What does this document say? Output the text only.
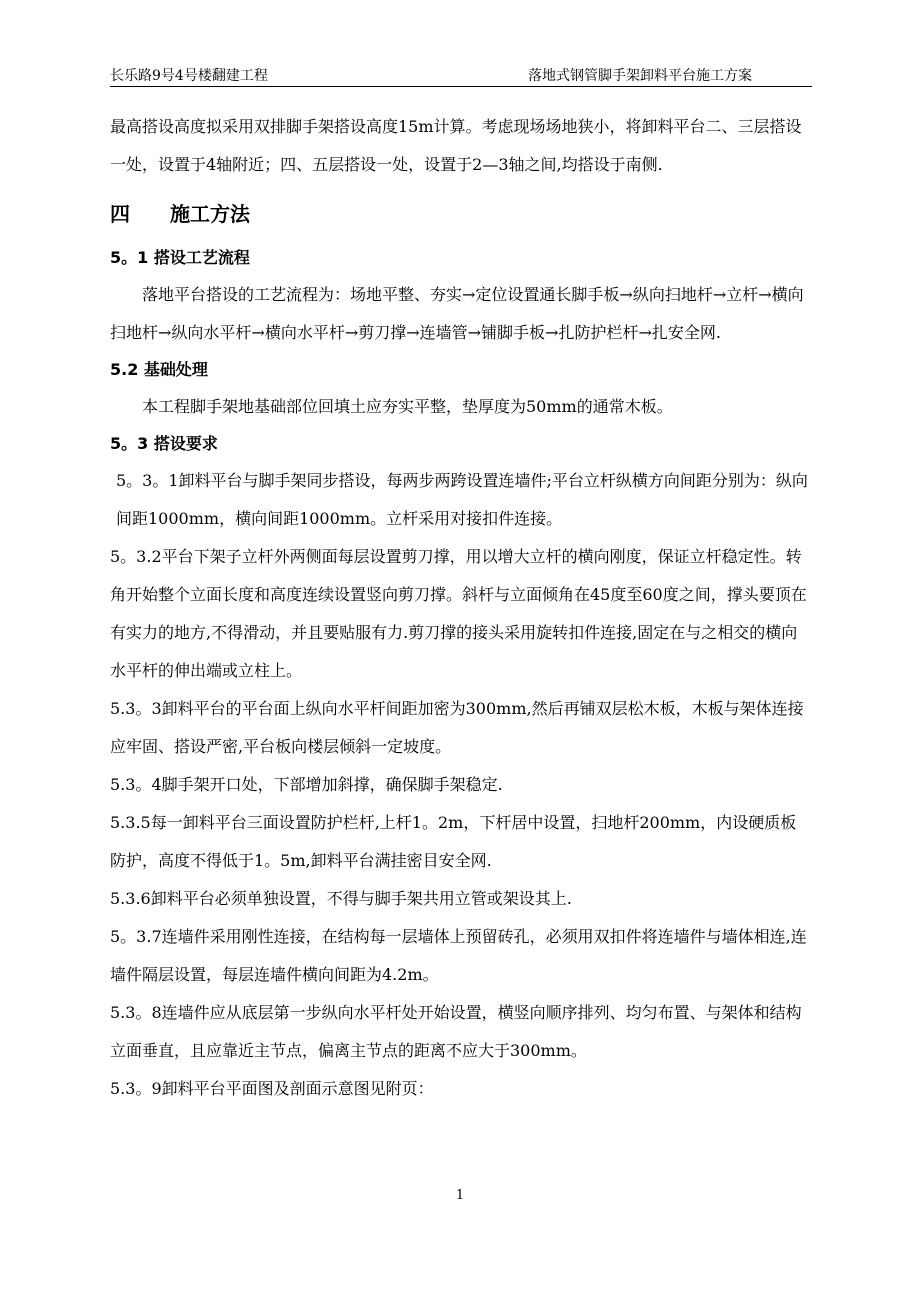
长乐路9号4号楼翻建工程	落地式钢管脚手架卸料平台施工方案

最高搭设高度拟采用双排脚手架搭设高度15m计算。考虑现场场地狭小，将卸料平台二、三层搭设一处，设置于4轴附近；四、五层搭设一处，设置于2—3轴之间,均搭设于南侧.

四 施工方法

5。1 搭设工艺流程

落地平台搭设的工艺流程为：场地平整、夯实→定位设置通长脚手板→纵向扫地杆→立杆→横向扫地杆→纵向水平杆→横向水平杆→剪刀撑→连墙管→铺脚手板→扎防护栏杆→扎安全网.

5.2 基础处理

本工程脚手架地基础部位回填土应夯实平整，垫厚度为50mm的通常木板。

5。3 搭设要求

5。3。1卸料平台与脚手架同步搭设，每两步两跨设置连墙件;平台立杆纵横方向间距分别为：纵向间距1000mm，横向间距1000mm。立杆采用对接扣件连接。

5。3.2平台下架子立杆外两侧面每层设置剪刀撑，用以增大立杆的横向刚度，保证立杆稳定性。转角开始整个立面长度和高度连续设置竖向剪刀撑。斜杆与立面倾角在45度至60度之间，撑头要顶在有实力的地方,不得滑动，并且要贴服有力.剪刀撑的接头采用旋转扣件连接,固定在与之相交的横向水平杆的伸出端或立柱上。

5.3。3卸料平台的平台面上纵向水平杆间距加密为300mm,然后再铺双层松木板，木板与架体连接应牢固、搭设严密,平台板向楼层倾斜一定坡度。

5.3。4脚手架开口处，下部增加斜撑，确保脚手架稳定.

5.3.5每一卸料平台三面设置防护栏杆,上杆1。2m，下杆居中设置，扫地杆200mm，内设硬质板防护，高度不得低于1。5m,卸料平台满挂密目安全网.

5.3.6卸料平台必须单独设置，不得与脚手架共用立管或架设其上.

5。3.7连墙件采用刚性连接，在结构每一层墙体上预留砖孔，必须用双扣件将连墙件与墙体相连,连墙件隔层设置，每层连墙件横向间距为4.2m。

5.3。8连墙件应从底层第一步纵向水平杆处开始设置，横竖向顺序排列、均匀布置、与架体和结构立面垂直，且应靠近主节点，偏离主节点的距离不应大于300mm。

5.3。9卸料平台平面图及剖面示意图见附页：

1
